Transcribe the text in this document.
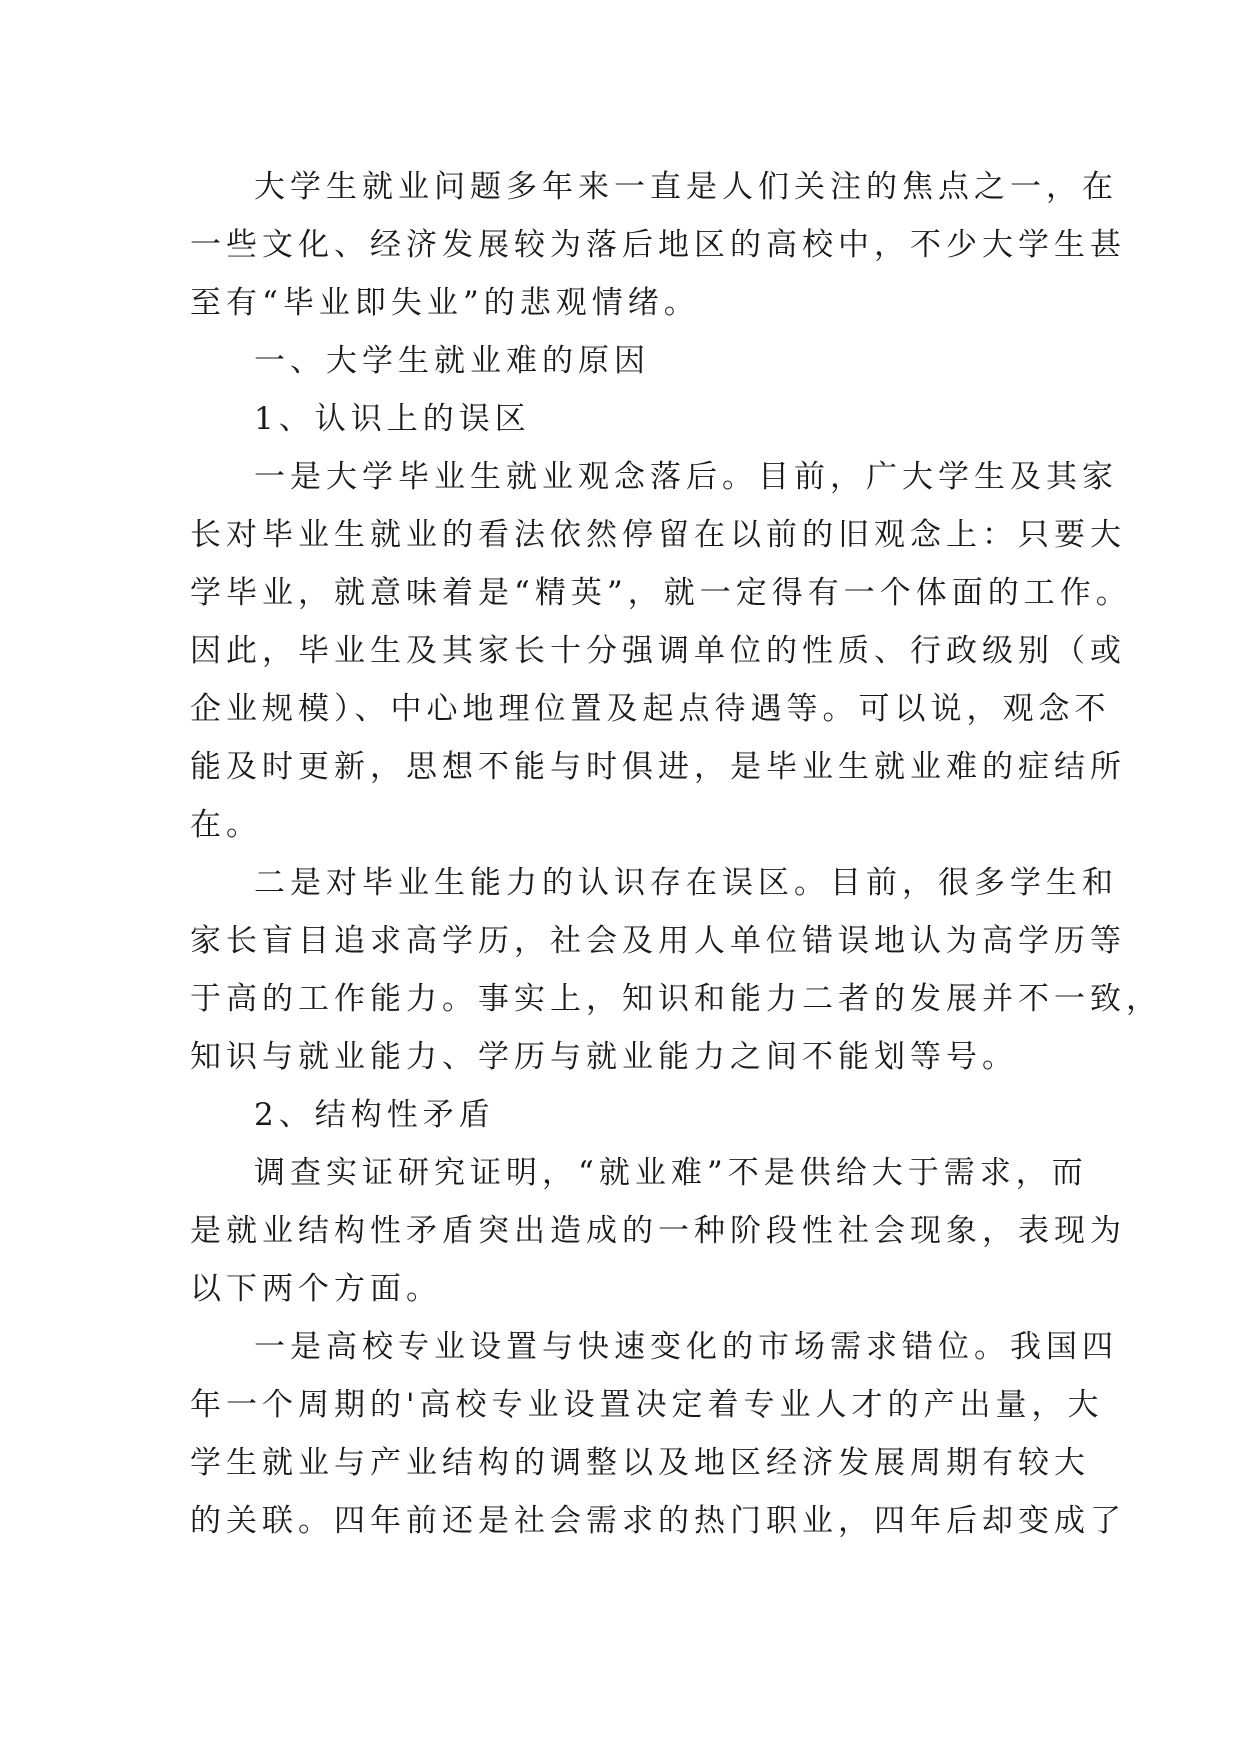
大学生就业问题多年来一直是人们关注的焦点之一，在
一些文化、经济发展较为落后地区的高校中，不少大学生甚
至有“毕业即失业”的悲观情绪。
一、大学生就业难的原因
1、认识上的误区
一是大学毕业生就业观念落后。目前，广大学生及其家
长对毕业生就业的看法依然停留在以前的旧观念上：只要大
学毕业，就意味着是“精英”，就一定得有一个体面的工作。
因此，毕业生及其家长十分强调单位的性质、行政级别（或
企业规模）、中心地理位置及起点待遇等。可以说，观念不
能及时更新，思想不能与时俱进，是毕业生就业难的症结所
在。
二是对毕业生能力的认识存在误区。目前，很多学生和
家长盲目追求高学历，社会及用人单位错误地认为高学历等
于高的工作能力。事实上，知识和能力二者的发展并不一致，
知识与就业能力、学历与就业能力之间不能划等号。
2、结构性矛盾
调查实证研究证明，“就业难”不是供给大于需求，而
是就业结构性矛盾突出造成的一种阶段性社会现象，表现为
以下两个方面。
一是高校专业设置与快速变化的市场需求错位。我国四
年一个周期的'高校专业设置决定着专业人才的产出量，大
学生就业与产业结构的调整以及地区经济发展周期有较大
的关联。四年前还是社会需求的热门职业，四年后却变成了
